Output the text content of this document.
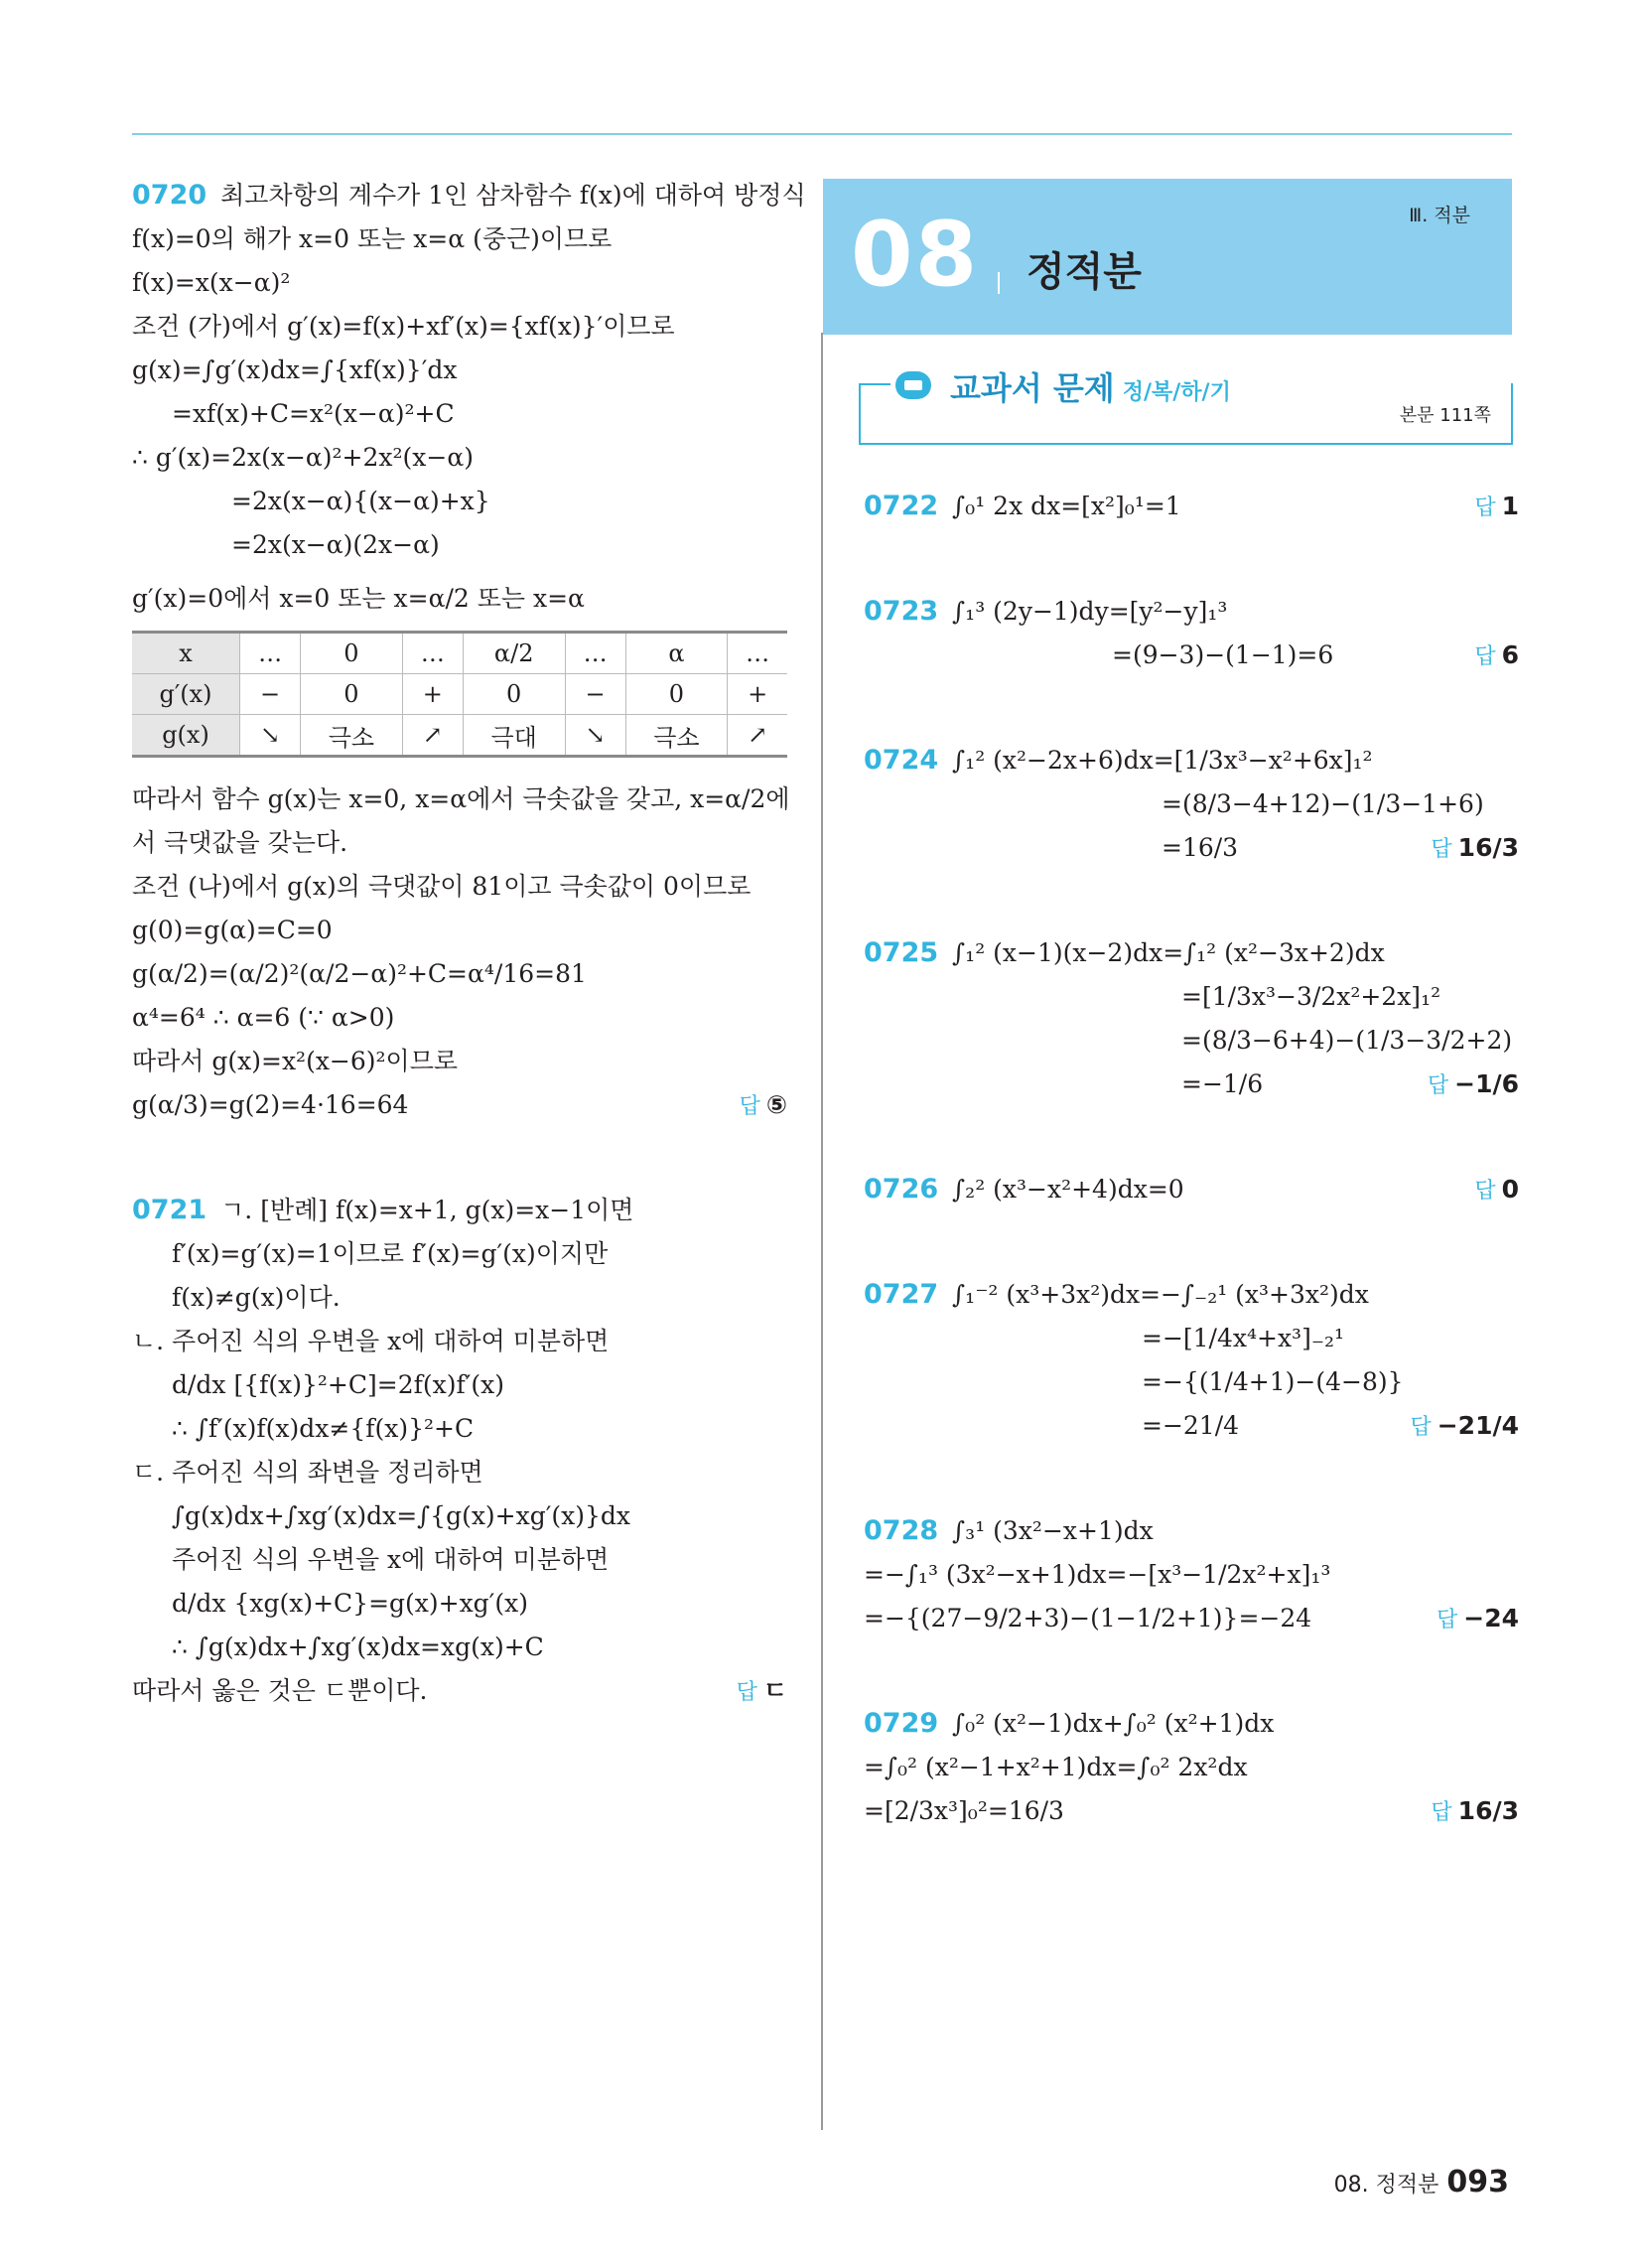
0720 최고차항의 계수가 1인 삼차함수 f(x)에 대하여 방정식
f(x)=0의 해가 x=0 또는 x=α (중근)이므로
f(x)=x(x−α)²
조건 (가)에서 g′(x)=f(x)+xf′(x)={xf(x)}′이므로
g(x)=∫g′(x)dx=∫{xf(x)}′dx
=xf(x)+C=x²(x−α)²+C
∴ g′(x)=2x(x−α)²+2x²(x−α)
=2x(x−α){(x−α)+x}
=2x(x−α)(2x−α)
g′(x)=0에서 x=0 또는 x=α/2 또는 x=α
x	…	0	…	α/2	…	α	…
g′(x)	−	0	+	0	−	0	+
g(x)	↘	극소	↗	극대	↘	극소	↗
따라서 함수 g(x)는 x=0, x=α에서 극솟값을 갖고, x=α/2에
서 극댓값을 갖는다.
조건 (나)에서 g(x)의 극댓값이 81이고 극솟값이 0이므로
g(0)=g(α)=C=0
g(α/2)=(α/2)²(α/2−α)²+C=α⁴/16=81
α⁴=6⁴ ∴ α=6 (∵ α>0)
따라서 g(x)=x²(x−6)²이므로
g(α/3)=g(2)=4·16=64	답 ⑤
0721 ㄱ. [반례] f(x)=x+1, g(x)=x−1이면
f′(x)=g′(x)=1이므로 f′(x)=g′(x)이지만
f(x)≠g(x)이다.
ㄴ. 주어진 식의 우변을 x에 대하여 미분하면
d/dx [{f(x)}²+C]=2f(x)f′(x)
∴ ∫f′(x)f(x)dx≠{f(x)}²+C
ㄷ. 주어진 식의 좌변을 정리하면
∫g(x)dx+∫xg′(x)dx=∫{g(x)+xg′(x)}dx
주어진 식의 우변을 x에 대하여 미분하면
d/dx {xg(x)+C}=g(x)+xg′(x)
∴ ∫g(x)dx+∫xg′(x)dx=xg(x)+C
따라서 옳은 것은 ㄷ뿐이다.	답 ㄷ
Ⅲ. 적분
08 정적분
교과서 문제 정/복/하/기
본문 111쪽
0722 ∫₀¹ 2x dx=[x²]₀¹=1	답 1
0723 ∫₁³ (2y−1)dy=[y²−y]₁³
=(9−3)−(1−1)=6	답 6
0724 ∫₁² (x²−2x+6)dx=[1/3x³−x²+6x]₁²
=(8/3−4+12)−(1/3−1+6)
=16/3	답 16/3
0725 ∫₁² (x−1)(x−2)dx=∫₁² (x²−3x+2)dx
=[1/3x³−3/2x²+2x]₁²
=(8/3−6+4)−(1/3−3/2+2)
=−1/6	답 −1/6
0726 ∫₂² (x³−x²+4)dx=0	답 0
0727 ∫₁⁻² (x³+3x²)dx=−∫₋₂¹ (x³+3x²)dx
=−[1/4x⁴+x³]₋₂¹
=−{(1/4+1)−(4−8)}
=−21/4	답 −21/4
0728 ∫₃¹ (3x²−x+1)dx
=−∫₁³ (3x²−x+1)dx=−[x³−1/2x²+x]₁³
=−{(27−9/2+3)−(1−1/2+1)}=−24	답 −24
0729 ∫₀² (x²−1)dx+∫₀² (x²+1)dx
=∫₀² (x²−1+x²+1)dx=∫₀² 2x²dx
=[2/3x³]₀²=16/3	답 16/3
08. 정적분 093
